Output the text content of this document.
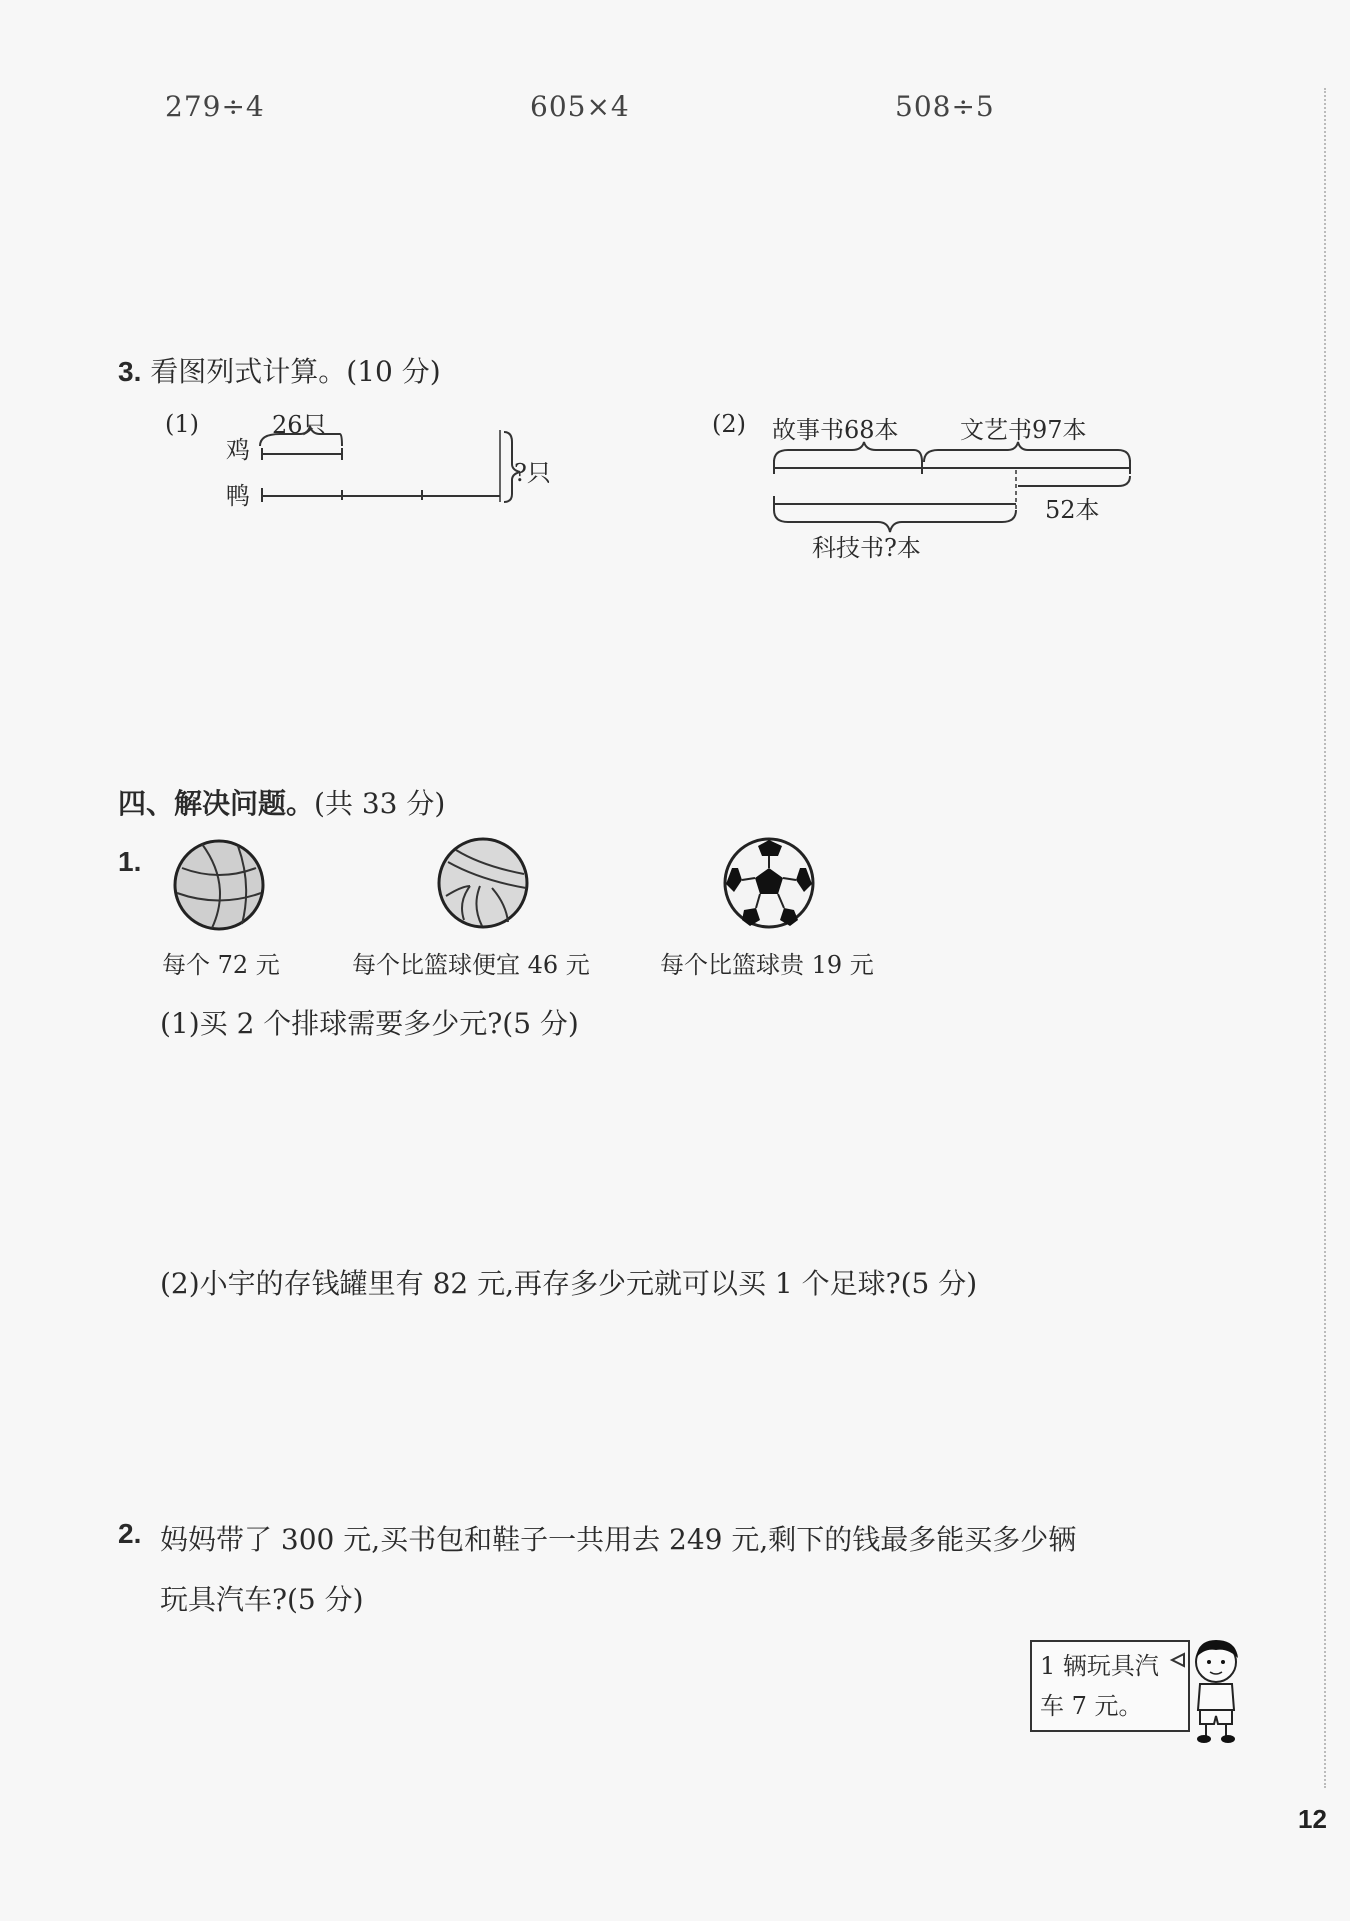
279÷4	605×4	508÷5
3. 看图列式计算。(10 分)
(1)	26只
鸡
鸭
?只
(2) 故事书68本	文艺书97本
52本
科技书?本
四、解决问题。(共 33 分)
1.
每个 72 元	每个比篮球便宜 46 元	每个比篮球贵 19 元
(1)买 2 个排球需要多少元?(5 分)
(2)小宇的存钱罐里有 82 元,再存多少元就可以买 1 个足球?(5 分)
2. 妈妈带了 300 元,买书包和鞋子一共用去 249 元,剩下的钱最多能买多少辆
玩具汽车?(5 分)
1 辆玩具汽
车 7 元。
12
